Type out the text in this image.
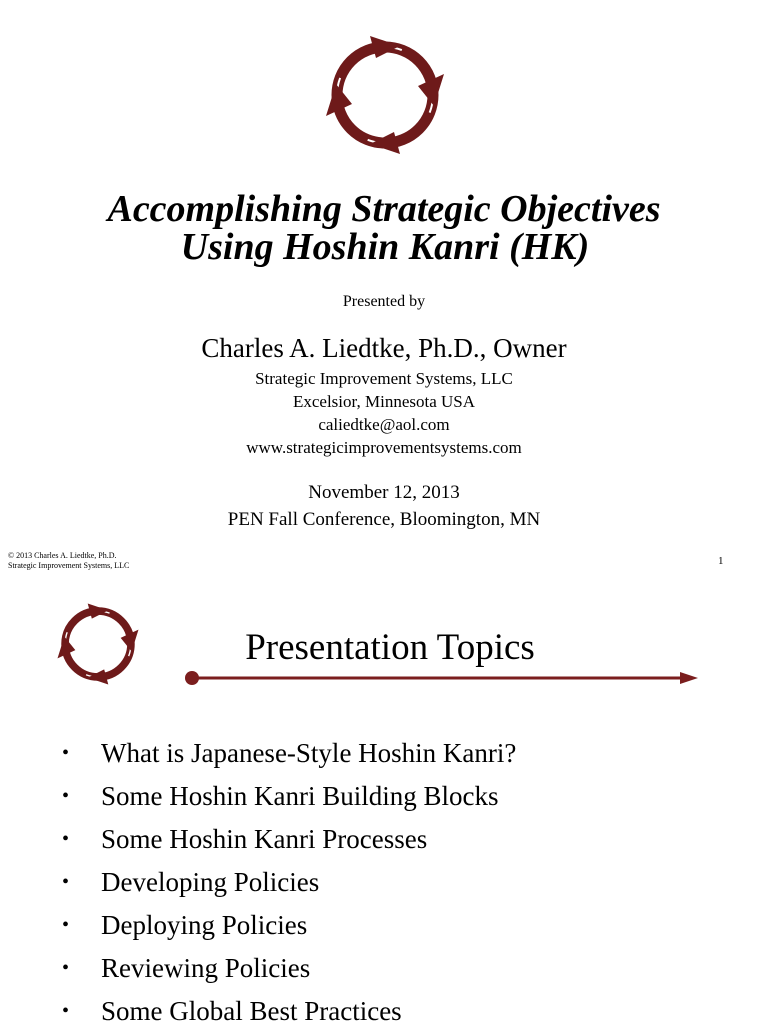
Accomplishing Strategic Objectives
Using Hoshin Kanri (HK)
Presented by
Charles A. Liedtke, Ph.D., Owner
Strategic Improvement Systems, LLC
Excelsior, Minnesota USA
caliedtke@aol.com
www.strategicimprovementsystems.com
November 12, 2013
PEN Fall Conference, Bloomington, MN
© 2013 Charles A. Liedtke, Ph.D.
Strategic Improvement Systems, LLC	1
Presentation Topics
• What is Japanese-Style Hoshin Kanri?
• Some Hoshin Kanri Building Blocks
• Some Hoshin Kanri Processes
• Developing Policies
• Deploying Policies
• Reviewing Policies
• Some Global Best Practices
